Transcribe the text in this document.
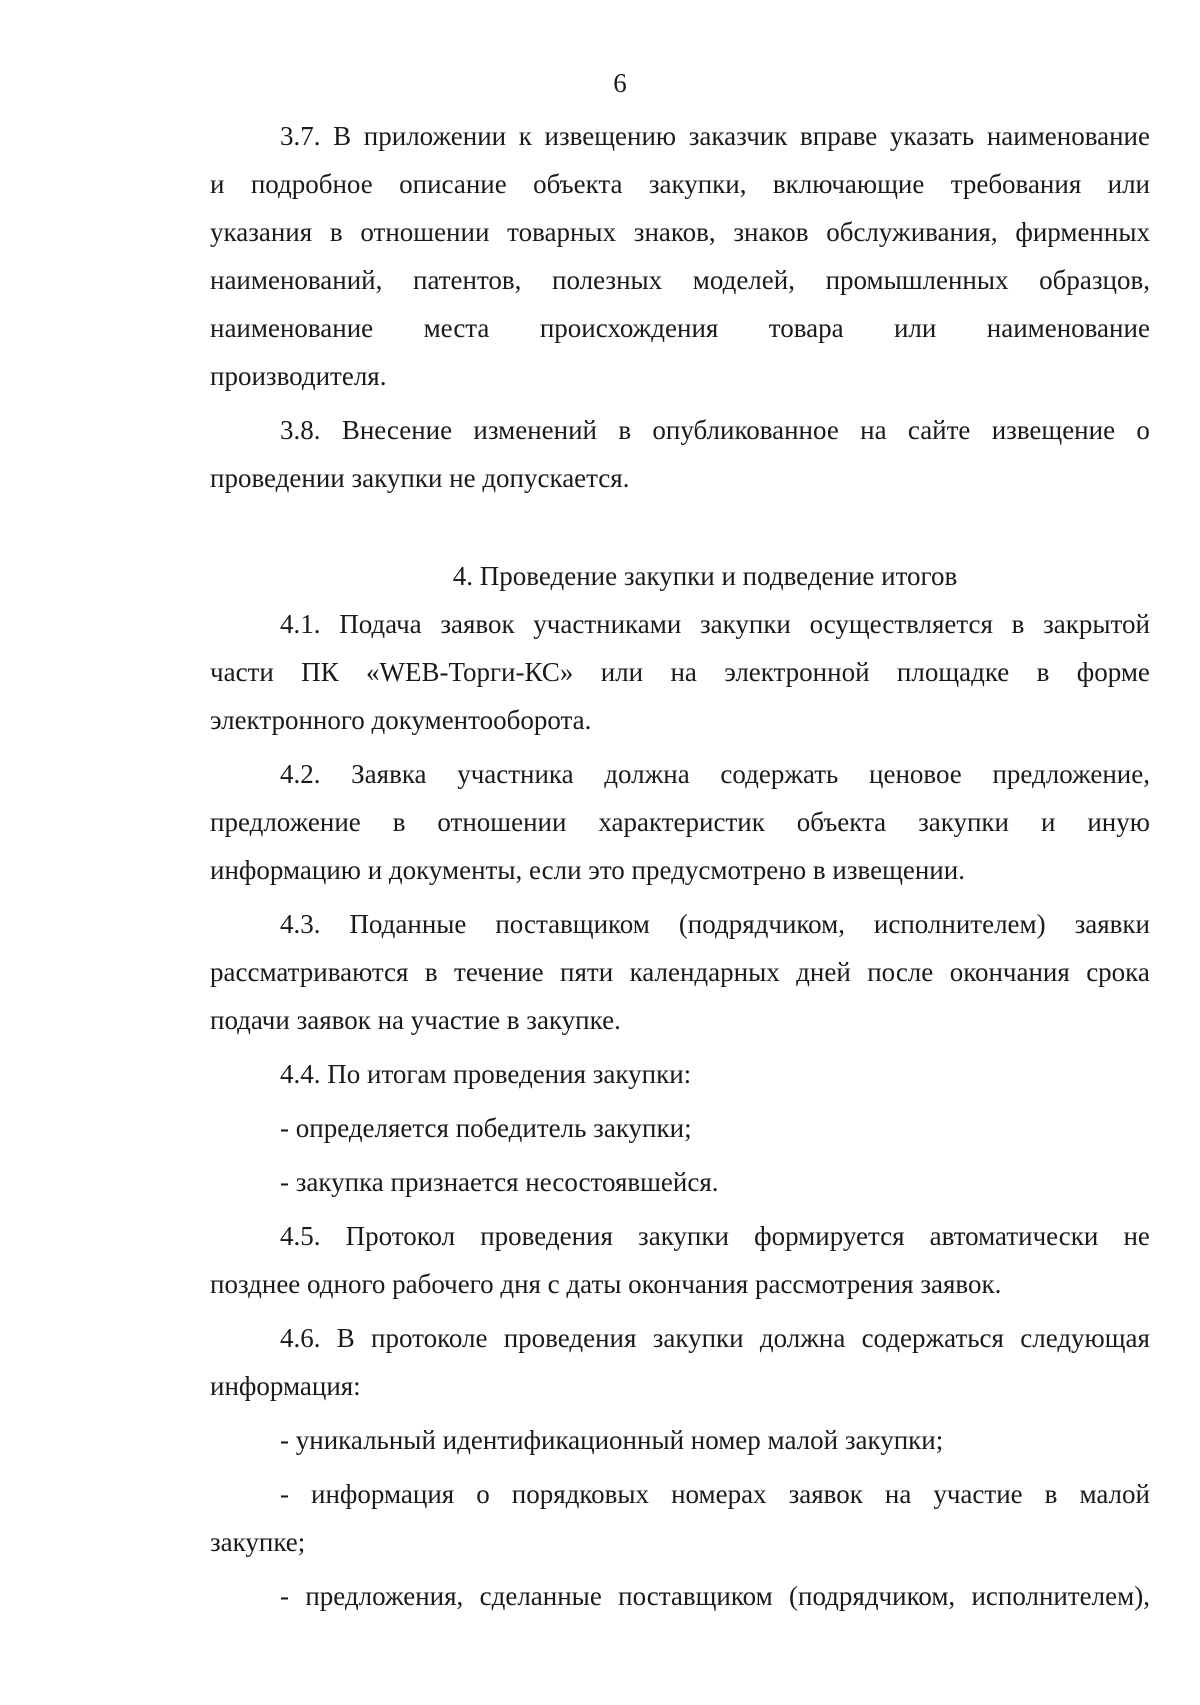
6
3.7. В приложении к извещению заказчик вправе указать наименование
и подробное описание объекта закупки, включающие требования или
указания в отношении товарных знаков, знаков обслуживания, фирменных
наименований, патентов, полезных моделей, промышленных образцов,
наименование места происхождения товара или наименование
производителя.
3.8. Внесение изменений в опубликованное на сайте извещение о
проведении закупки не допускается.
4. Проведение закупки и подведение итогов
4.1. Подача заявок участниками закупки осуществляется в закрытой
части ПК «WEB-Торги-КС» или на электронной площадке в форме
электронного документооборота.
4.2. Заявка участника должна содержать ценовое предложение,
предложение в отношении характеристик объекта закупки и иную
информацию и документы, если это предусмотрено в извещении.
4.3. Поданные поставщиком (подрядчиком, исполнителем) заявки
рассматриваются в течение пяти календарных дней после окончания срока
подачи заявок на участие в закупке.
4.4. По итогам проведения закупки:
- определяется победитель закупки;
- закупка признается несостоявшейся.
4.5. Протокол проведения закупки формируется автоматически не
позднее одного рабочего дня с даты окончания рассмотрения заявок.
4.6. В протоколе проведения закупки должна содержаться следующая
информация:
- уникальный идентификационный номер малой закупки;
- информация о порядковых номерах заявок на участие в малой
закупке;
- предложения, сделанные поставщиком (подрядчиком, исполнителем),
